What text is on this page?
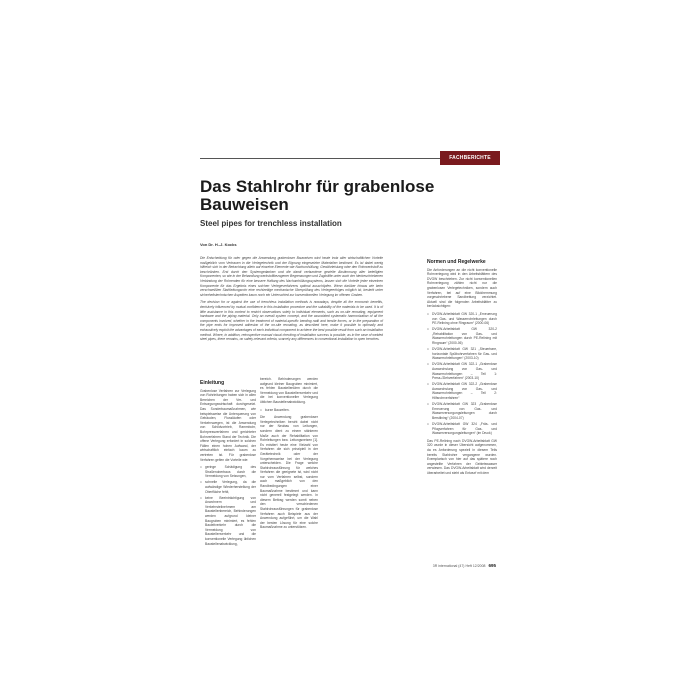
FACHBERICHTE
Das Stahlrohr für grabenlose
Bauweisen
Steel pipes for trenchless installation
Von Dr. H.-J. Kocks

Die Entscheidung für oder gegen die Anwendung grabenloser Bauweisen wird heute trotz aller wirtschaftlichen Vorteile maßgeblich vom Vertrauen in die Verlegetechnik und der Eignung eingesetzter Materialien bestimmt. Es ist dabei wenig hilfreich sich in der Betrachtung allein auf einzelne Elemente wie Nachumhüllung, Gewährleistung oder den Rohrwerkstoff zu beschränken. Erst durch den Systemgedanken und die damit verbundene gezielte Abstimmung aller beteiligten Komponenten, so wie in der Behandlung werkstoffbezogener Begrenzungen und Zugkräfte unter auch der hierbeschriebenen Verbindung der Rohrenden für eine bessere Haftung des Nachumhüllungssystems, lassen sich die Vorteile jeder einzelnen Komponente für das Ergebnis eines solchen Verlegeverfahrens optimal ausschöpfen. Wenn darüber hinaus wie beim verschweißten Stahlleitungsrohr eine rechtzeitige mechanische Überprüfung des Verlegeerfolges möglich ist, besteht unter sicherheitstechnischen Aspekten kaum noch ein Unterschied zur konventionellen Verlegung im offenen Graben.

The decision for or against the use of trenchless installation methods is nowadays, despite all the economic benefits, decisively influenced by mutual confidence in this installation procedure and the suitability of the materials to be used. It is of little assistance in this context to restrict observations solely to individual elements, such as on-site recoating, equipment hardware and the piping material. Only an overall system concept, and the associated systematic harmonization of all the components involved, whether in the treatment of material-specific bending radii and tensile forces, or in the preparation of the pipe ends for improved adhesion of the on-site recoating, as described here, make it possible to optimally and exhaustively exploit the advantages of each individual component to achieve the best possible result from such an installation method. Where, in addition, retrospective manual visual checking of installation success is possible, as in the case of welded steel pipes, there remains, on safety-relevant criteria, scarcely any differences to conventional installation in open trenches.

Einleitung

Grabenlose Verfahren zur Verlegung von Rohrleitungen haben sich in allen Bereichen der Ver- und Entsorgungswirtschaft durchgesetzt. Das Sonderbaumaßnahmen, wie beispielsweise die Unterquerung von Gebäuden, Flussläufen oder Verkehrswegen, ist die Anwendung von Schildvortrieb, Rammbohr, Bohrpressverfahren und gerichteter Bohrverfahren Stand der Technik. Die offene Verlegung erfordert in solchen Fällen einen hohen Aufwand, der wirtschaftlich einfach kaum zu vertreten ist. Für grabenlose Verfahren gelten die Vorteile wie:

□ geringe Schädigung des Straßenoberbaus durch die Vermeidung von Setzungen,
□ schnelle Verlegung, da die aufwändige Wiederherstellung der Oberfläche fehlt,
□ keine Beeinträchtigung von Anwohnern und Verkehrsteilnehmern am Baustellenbereich, Behinderungen werden aufgrund kleiner Baugruben minimiert, es fehlen Bauleitverkehr durch die Vermeidung von Baustellenverkehr und die konventionelle Verlegung üblichen Baustellenabwicklung,

bereich. Behinderungen werden aufgrund kleiner Baugruben minimiert, es fehlen Baustellenlärm durch die Vermeidung von Baustellenverkehr und die bei konventioneller Verlegung üblichen Baustellenabwicklung.

□ kurze Bauzeiten.

Die Anwendung grabenloser Verlegetechniken beruht dabei nicht nur der Neubau von Leitungen, sondern dient zu einem stärkeren Maße auch der Rehabilitation von Rohrleitungen bzw. Leitungsnetzen [1]. Es existiert heute eine Vielzahl von Verfahren die sich prinzipiell in der Gerätetechnik oder der Vorgehensweise bei der Verlegung unterscheiden. Die Frage welche Stahlrohrausführung für welches Verfahren die geeignete ist, wird nicht nur vom Verfahren selbst, sondern auch maßgeblich von den Randbedingungen einer Baumaßnahme bestimmt und kann nicht generell festgelegt werden. In diesem Beitrag werden somit neben den verschiedenen Stahlrohrausführungen für grabenlose Verfahren auch Beispiele aus der Anwendung aufgeführt, um die Wahl der besten Lösung für eine solche Baumaßnahme zu unterstützen.

Normen und Regelwerke

Die Anforderungen an die nicht konventionelle Rohrverlegung wird in den Arbeitsblättern des DVGW beschrieben. Zur nicht konventionellen Rohrverlegung zählen nicht nur die grabenlosen Verlegetechniken, sondern auch Verfahren, bei auf eine Blickhemmung vorgeschriebene Sandbettung verzichtet. Aktuell sind die folgenden Arbeitsblätter zu berücksichtigen:

□ DVGW-Arbeitsblatt GW 320-1 „Erneuerung von Gas- und Wasserrohrleitungen durch PE-Relining ohne Ringraum“ (2000-06)
□ DVGW-Arbeitsblatt GW 320-2 „Rehabilitation von Gas- und Wasserrohrleitungen durch PE-Relining mit Ringraum“ (2000-06)
□ DVGW-Arbeitsblatt GW 321 „Steuerbare, horizontale Spülbohrverfahren für Gas- und Wasserrohrleitungen“ (2003-10)
□ DVGW-Arbeitsblatt GW 322-1 „Grabenlose Auswechslung von Gas- und Wasserrohrleitungen – Teil 1: Press-/Ziehverfahren“ (2003-10)
□ DVGW-Arbeitsblatt GW 322-2 „Grabenlose Auswechslung von Gas- und Wasserrohrleitungen – Teil 2: Hilfsrohrverfahren“
□ DVGW-Arbeitsblatt GW 323 „Grabenlose Erneuerung von Gas- und Wasserversorgungsleitungen durch Berstlining“ (2004-07)
□ DVGW-Arbeitsblatt GW 324 „Fräs- und Pflugverfahren für Gas- und Wasserversorgungsleitungen“ (im Druck)

Das PE-Relining nach DVGW-Arbeitsblatt GW 320 wurde in dieser Übersicht aufgenommen, da es Anforderung speziell in diesem Teils bereits Stahlrohre vergangene wurden. Exemplarisch von hier auf das spätere noch angestellte Verfahren der Gebietswasser verwiesen. Das DVGW-Arbeitsblatt wird derzeit überarbeitet und steht als Entwurf mit dem

3R international (47) Heft 12/2008 695
